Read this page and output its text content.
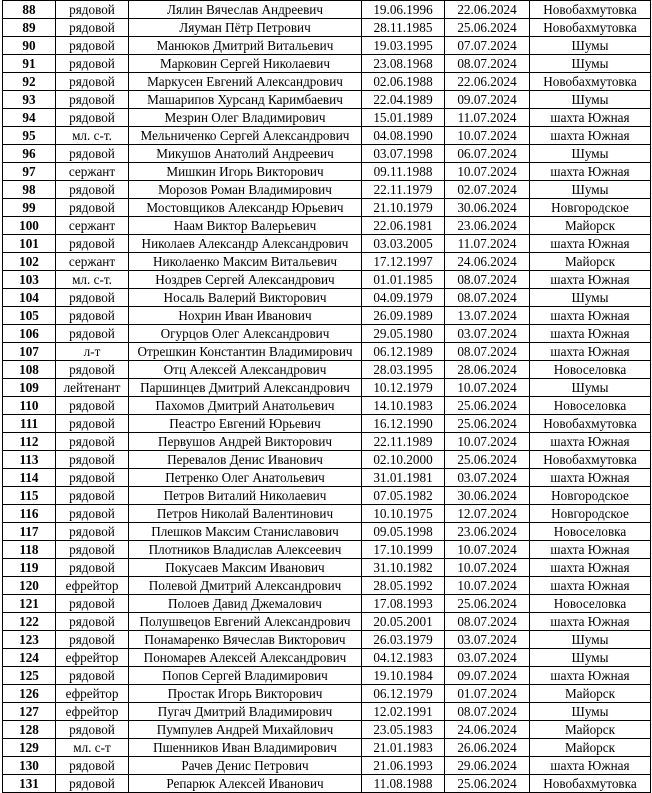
88	рядовой	Лялин Вячеслав Андреевич	19.06.1996	22.06.2024	Новобахмутовка
89	рядовой	Ляуман Пётр Петрович	28.11.1985	25.06.2024	Новобахмутовка
90	рядовой	Манюков Дмитрий Витальевич	19.03.1995	07.07.2024	Шумы
91	рядовой	Марковин Сергей Николаевич	23.08.1968	08.07.2024	Шумы
92	рядовой	Маркусен Евгений Александрович	02.06.1988	22.06.2024	Новобахмутовка
93	рядовой	Машарипов Хурсанд Каримбаевич	22.04.1989	09.07.2024	Шумы
94	рядовой	Мезрин Олег Владимирович	15.01.1989	11.07.2024	шахта Южная
95	мл. с-т.	Мельниченко Сергей Александрович	04.08.1990	10.07.2024	шахта Южная
96	рядовой	Микушов Анатолий Андреевич	03.07.1998	06.07.2024	Шумы
97	сержант	Мишкин Игорь Викторович	09.11.1988	10.07.2024	шахта Южная
98	рядовой	Морозов Роман Владимирович	22.11.1979	02.07.2024	Шумы
99	рядовой	Мостовщиков Александр Юрьевич	21.10.1979	30.06.2024	Новгородское
100	сержант	Наам Виктор Валерьевич	22.06.1981	23.06.2024	Майорск
101	рядовой	Николаев Александр Александрович	03.03.2005	11.07.2024	шахта Южная
102	сержант	Николаенко Максим Витальевич	17.12.1997	24.06.2024	Майорск
103	мл. с-т.	Ноздрев Сергей Александрович	01.01.1985	08.07.2024	шахта Южная
104	рядовой	Носаль Валерий Викторович	04.09.1979	08.07.2024	Шумы
105	рядовой	Нохрин Иван Иванович	26.09.1989	13.07.2024	шахта Южная
106	рядовой	Огурцов Олег Александрович	29.05.1980	03.07.2024	шахта Южная
107	л-т	Отрешкин Константин Владимирович	06.12.1989	08.07.2024	шахта Южная
108	рядовой	Отц Алексей Александрович	28.03.1995	28.06.2024	Новоселовка
109	лейтенант	Паршинцев Дмитрий Александрович	10.12.1979	10.07.2024	Шумы
110	рядовой	Пахомов Дмитрий Анатольевич	14.10.1983	25.06.2024	Новоселовка
111	рядовой	Пеастро Евгений Юрьевич	16.12.1990	25.06.2024	Новобахмутовка
112	рядовой	Первушов Андрей Викторович	22.11.1989	10.07.2024	шахта Южная
113	рядовой	Перевалов Денис Иванович	02.10.2000	25.06.2024	Новобахмутовка
114	рядовой	Петренко Олег Анатольевич	31.01.1981	03.07.2024	шахта Южная
115	рядовой	Петров Виталий Николаевич	07.05.1982	30.06.2024	Новгородское
116	рядовой	Петров Николай Валентинович	10.10.1975	12.07.2024	Новгородское
117	рядовой	Плешков Максим Станиславович	09.05.1998	23.06.2024	Новоселовка
118	рядовой	Плотников Владислав Алексеевич	17.10.1999	10.07.2024	шахта Южная
119	рядовой	Покусаев Максим Иванович	31.10.1982	10.07.2024	шахта Южная
120	ефрейтор	Полевой Дмитрий Александрович	28.05.1992	10.07.2024	шахта Южная
121	рядовой	Полоев Давид Джемалович	17.08.1993	25.06.2024	Новоселовка
122	рядовой	Полушвецов Евгений Александрович	20.05.2001	08.07.2024	шахта Южная
123	рядовой	Понамаренко Вячеслав Викторович	26.03.1979	03.07.2024	Шумы
124	ефрейтор	Пономарев Алексей Александрович	04.12.1983	03.07.2024	Шумы
125	рядовой	Попов Сергей Владимирович	19.10.1984	09.07.2024	шахта Южная
126	ефрейтор	Простак Игорь Викторович	06.12.1979	01.07.2024	Майорск
127	ефрейтор	Пугач Дмитрий Владимирович	12.02.1991	08.07.2024	Шумы
128	рядовой	Пумпулев Андрей Михайлович	23.05.1983	24.06.2024	Майорск
129	мл. с-т	Пшенников Иван Владимирович	21.01.1983	26.06.2024	Майорск
130	рядовой	Рачев Денис Петрович	21.06.1993	29.06.2024	шахта Южная
131	рядовой	Репарюк Алексей Иванович	11.08.1988	25.06.2024	Новобахмутовка
